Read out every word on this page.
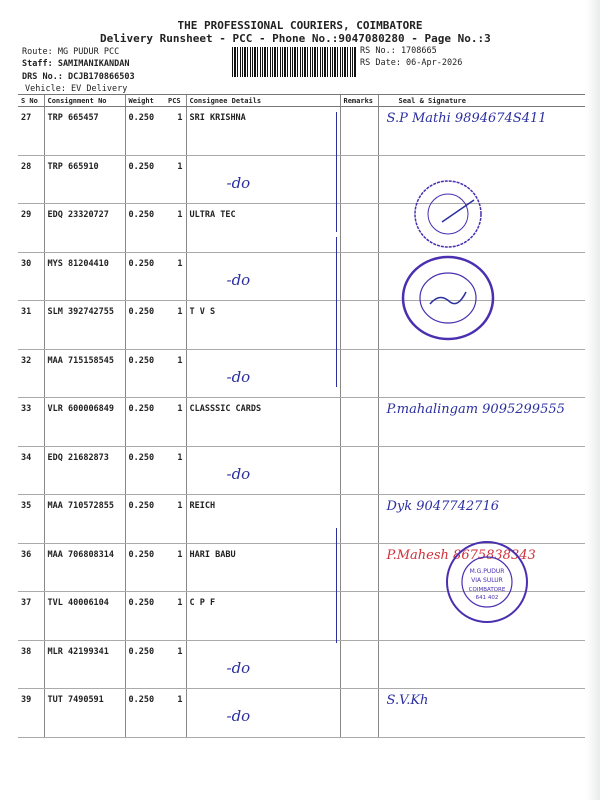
THE PROFESSIONAL COURIERS, COIMBATORE
Delivery Runsheet - PCC - Phone No.:9047080280 - Page No.:3
Route: MG PUDUR PCC
Staff: SAMIMANIKANDAN
DRS No.: DCJB170866503
Vehicle: EV Delivery
RS No.: 1708665
RS Date: 06-Apr-2026
S No	Consignment No	Weight	PCS	Consignee Details	Remarks	Seal & Signature
27	TRP 665457	0.250	1	SRI KRISHNA		S.P Mathi 9894674S411

28	TRP 665910	0.250	1	-do		

29	EDQ 23320727	0.250	1	ULTRA TEC

30	MYS 81204410	0.250	1	-do		

31	SLM 392742755	0.250	1	T V S

32	MAA 715158545	0.250	1	-do		

33	VLR 600006849	0.250	1	CLASSSIC CARDS		P.mahalingam 9095299555

34	EDQ 21682873	0.250	1	-do		

35	MAA 710572855	0.250	1	REICH		Dyk 9047742716

36	MAA 706808314	0.250	1	HARI BABU		P.Mahesh 8675838343

37	TVL 40006104	0.250	1	C P F

38	MLR 42199341	0.250	1	-do		

39	TUT 7490591	0.250	1	-do		S.V.Kh
M.G.PUDUR
VIA SULUR
COIMBATORE
641 402
